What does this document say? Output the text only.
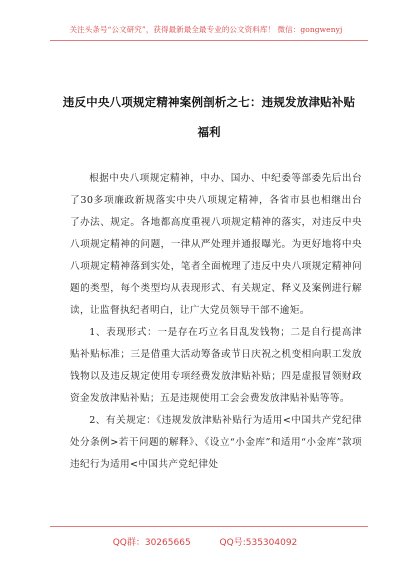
关注头条号“公文研究”，获得最新最全最专业的公文资料库！ 微信：gongwenyj
违反中央八项规定精神案例剖析之七：违规发放津贴补贴
福利

根据中央八项规定精神，中办、国办、中纪委等部委先后出台了30多项廉政新规落实中央八项规定精神，各省市县也相继出台了办法、规定。各地都高度重视八项规定精神的落实，对违反中央八项规定精神的问题，一律从严处理并通报曝光。为更好地将中央八项规定精神落到实处，笔者全面梳理了违反中央八项规定精神问题的类型，每个类型均从表现形式、有关规定、释义及案例进行解读，让监督执纪者明白，让广大党员领导干部不逾矩。

1、表现形式：一是存在巧立名目乱发钱物；二是自行提高津贴补贴标准；三是借重大活动筹备或节日庆祝之机变相向职工发放钱物以及违反规定使用专项经费发放津贴补贴；四是虚报冒领财政资金发放津贴补贴；五是违规使用工会会费发放津贴补贴等等。

2、有关规定：《违规发放津贴补贴行为适用<中国共产党纪律处分条例>若干问题的解释》、《设立“小金库”和适用“小金库”款项违纪行为适用<中国共产党纪律处

QQ群：30265665	QQ号:535304092
